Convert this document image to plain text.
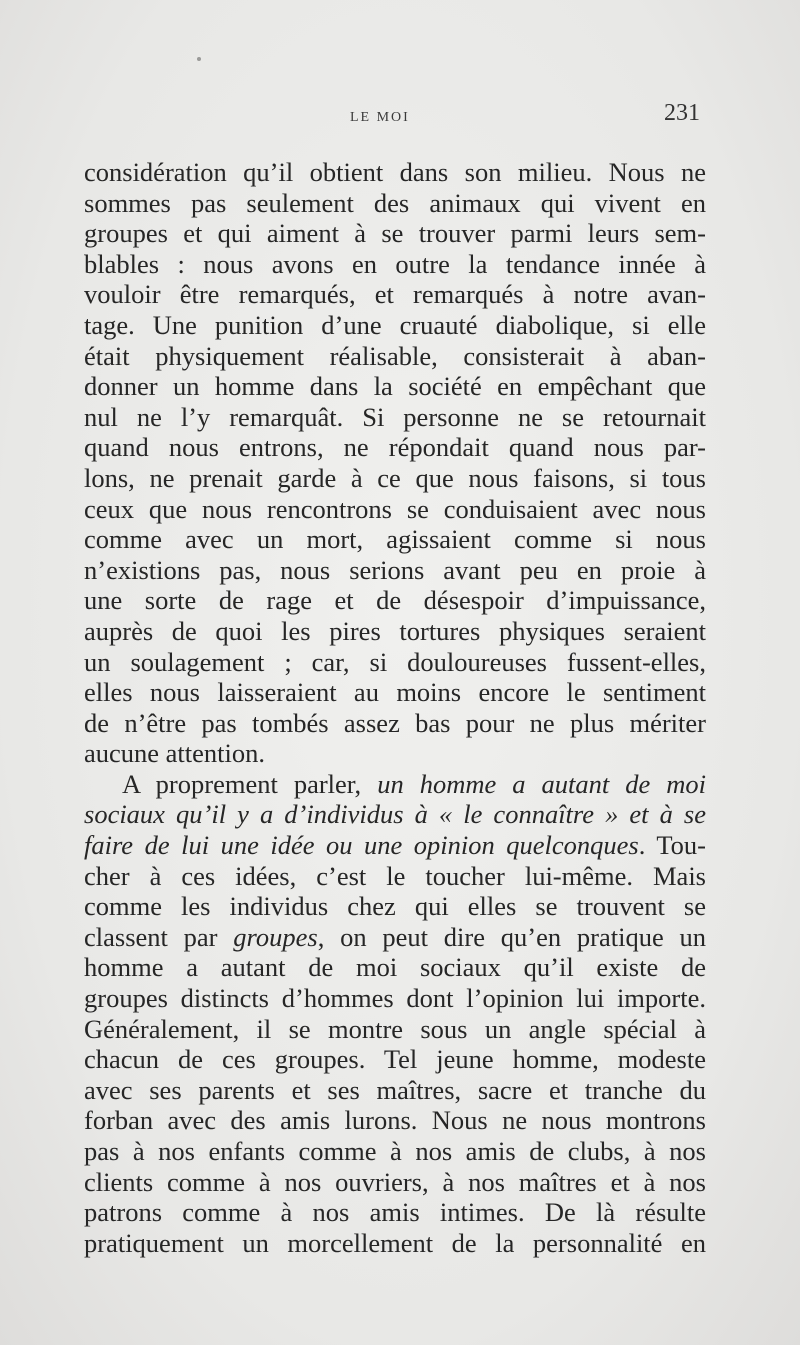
LE MOI	231
considération qu’il obtient dans son milieu. Nous ne
sommes pas seulement des animaux qui vivent en
groupes et qui aiment à se trouver parmi leurs sem-
blables : nous avons en outre la tendance innée à
vouloir être remarqués, et remarqués à notre avan-
tage. Une punition d’une cruauté diabolique, si elle
était physiquement réalisable, consisterait à aban-
donner un homme dans la société en empêchant que
nul ne l’y remarquât. Si personne ne se retournait
quand nous entrons, ne répondait quand nous par-
lons, ne prenait garde à ce que nous faisons, si tous
ceux que nous rencontrons se conduisaient avec nous
comme avec un mort, agissaient comme si nous
n’existions pas, nous serions avant peu en proie à
une sorte de rage et de désespoir d’impuissance,
auprès de quoi les pires tortures physiques seraient
un soulagement ; car, si douloureuses fussent-elles,
elles nous laisseraient au moins encore le sentiment
de n’être pas tombés assez bas pour ne plus mériter
aucune attention.
A proprement parler, un homme a autant de moi
sociaux qu’il y a d’individus à « le connaître » et à se
faire de lui une idée ou une opinion quelconques. Tou-
cher à ces idées, c’est le toucher lui-même. Mais
comme les individus chez qui elles se trouvent se
classent par groupes, on peut dire qu’en pratique un
homme a autant de moi sociaux qu’il existe de
groupes distincts d’hommes dont l’opinion lui importe.
Généralement, il se montre sous un angle spécial à
chacun de ces groupes. Tel jeune homme, modeste
avec ses parents et ses maîtres, sacre et tranche du
forban avec des amis lurons. Nous ne nous montrons
pas à nos enfants comme à nos amis de clubs, à nos
clients comme à nos ouvriers, à nos maîtres et à nos
patrons comme à nos amis intimes. De là résulte
pratiquement un morcellement de la personnalité en
